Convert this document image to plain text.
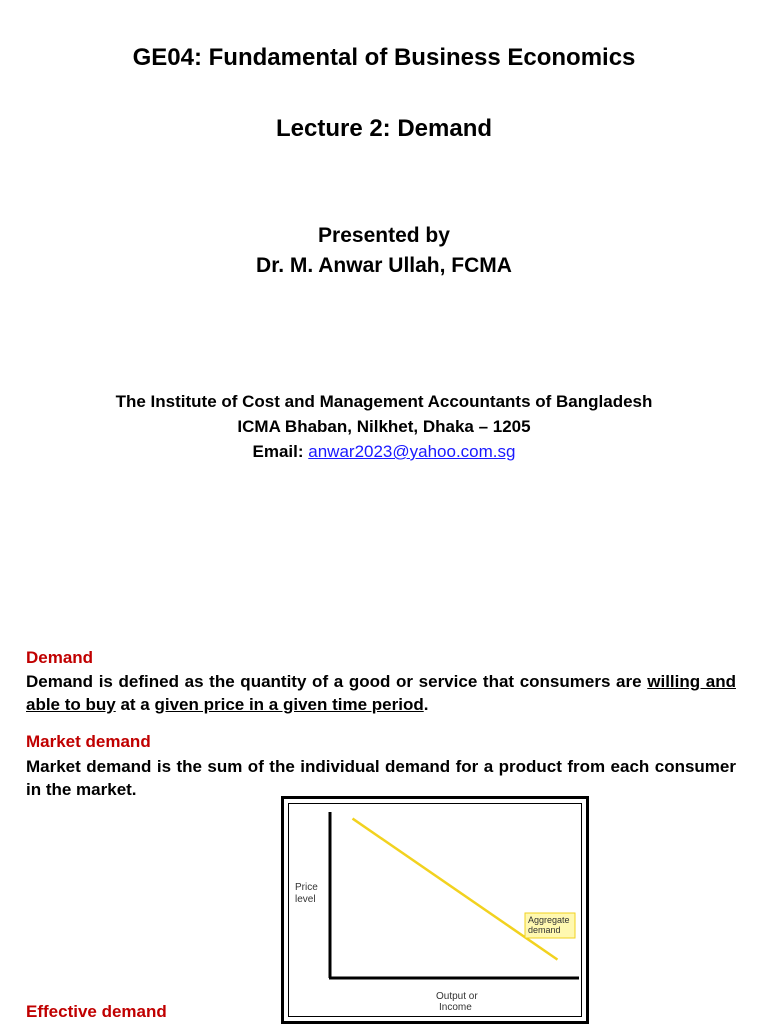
GE04: Fundamental of Business Economics
Lecture 2: Demand
Presented by
Dr. M. Anwar Ullah, FCMA
The Institute of Cost and Management Accountants of Bangladesh
ICMA Bhaban, Nilkhet, Dhaka – 1205
Email: anwar2023@yahoo.com.sg
Demand
Demand is defined as the quantity of a good or service that consumers are willing and able to buy at a given price in a given time period.
Market demand
Market demand is the sum of the individual demand for a product from each consumer in the market.
Effective demand
Price
level
Output or
Income
Aggregate
demand
